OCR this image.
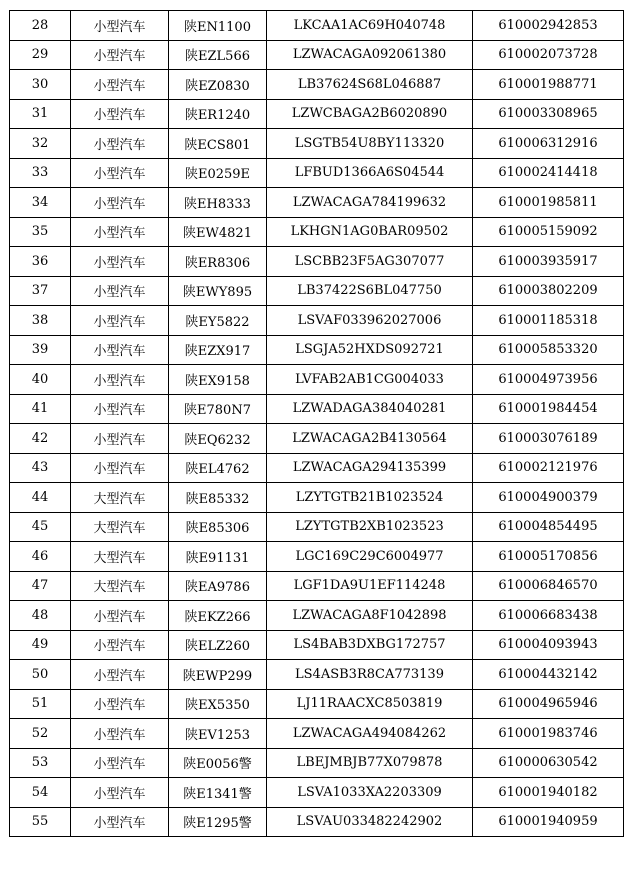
28	小型汽车	陕EN1100	LKCAA1AC69H040748	610002942853
29	小型汽车	陕EZL566	LZWACAGA092061380	610002073728
30	小型汽车	陕EZ0830	LB37624S68L046887	610001988771
31	小型汽车	陕ER1240	LZWCBAGA2B6020890	610003308965
32	小型汽车	陕ECS801	LSGTB54U8BY113320	610006312916
33	小型汽车	陕E0259E	LFBUD1366A6S04544	610002414418
34	小型汽车	陕EH8333	LZWACAGA784199632	610001985811
35	小型汽车	陕EW4821	LKHGN1AG0BAR09502	610005159092
36	小型汽车	陕ER8306	LSCBB23F5AG307077	610003935917
37	小型汽车	陕EWY895	LB37422S6BL047750	610003802209
38	小型汽车	陕EY5822	LSVAF033962027006	610001185318
39	小型汽车	陕EZX917	LSGJA52HXDS092721	610005853320
40	小型汽车	陕EX9158	LVFAB2AB1CG004033	610004973956
41	小型汽车	陕E780N7	LZWADAGA384040281	610001984454
42	小型汽车	陕EQ6232	LZWACAGA2B4130564	610003076189
43	小型汽车	陕EL4762	LZWACAGA294135399	610002121976
44	大型汽车	陕E85332	LZYTGTB21B1023524	610004900379
45	大型汽车	陕E85306	LZYTGTB2XB1023523	610004854495
46	大型汽车	陕E91131	LGC169C29C6004977	610005170856
47	大型汽车	陕EA9786	LGF1DA9U1EF114248	610006846570
48	小型汽车	陕EKZ266	LZWACAGA8F1042898	610006683438
49	小型汽车	陕ELZ260	LS4BAB3DXBG172757	610004093943
50	小型汽车	陕EWP299	LS4ASB3R8CA773139	610004432142
51	小型汽车	陕EX5350	LJ11RAACXC8503819	610004965946
52	小型汽车	陕EV1253	LZWACAGA494084262	610001983746
53	小型汽车	陕E0056警	LBEJMBJB77X079878	610000630542
54	小型汽车	陕E1341警	LSVA1033XA2203309	610001940182
55	小型汽车	陕E1295警	LSVAU033482242902	610001940959
